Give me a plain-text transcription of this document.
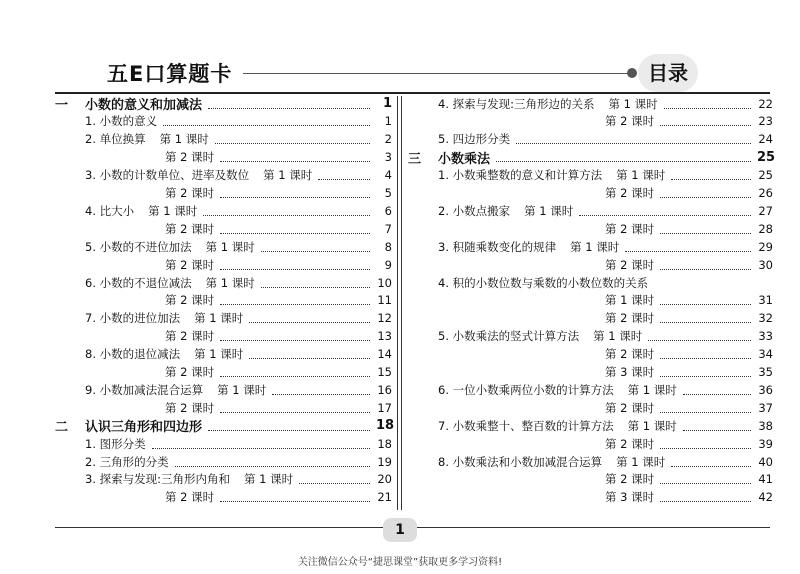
五E口算题卡	目录
一	小数的意义和加减法	1
1. 小数的意义	1
2. 单位换算 第 1 课时	2
第 2 课时	3
3. 小数的计数单位、进率及数位 第 1 课时	4
第 2 课时	5
4. 比大小 第 1 课时	6
第 2 课时	7
5. 小数的不进位加法 第 1 课时	8
第 2 课时	9
6. 小数的不退位减法 第 1 课时	10
第 2 课时	11
7. 小数的进位加法 第 1 课时	12
第 2 课时	13
8. 小数的退位减法 第 1 课时	14
第 2 课时	15
9. 小数加减法混合运算 第 1 课时	16
第 2 课时	17
二	认识三角形和四边形	18
1. 图形分类	18
2. 三角形的分类	19
3. 探索与发现:三角形内角和 第 1 课时	20
第 2 课时	21
4. 探索与发现:三角形边的关系 第 1 课时	22
第 2 课时	23
5. 四边形分类	24
三	小数乘法	25
1. 小数乘整数的意义和计算方法 第 1 课时	25
第 2 课时	26
2. 小数点搬家 第 1 课时	27
第 2 课时	28
3. 积随乘数变化的规律 第 1 课时	29
第 2 课时	30
4. 积的小数位数与乘数的小数位数的关系
第 1 课时	31
第 2 课时	32
5. 小数乘法的竖式计算方法 第 1 课时	33
第 2 课时	34
第 3 课时	35
6. 一位小数乘两位小数的计算方法 第 1 课时	36
第 2 课时	37
7. 小数乘整十、整百数的计算方法 第 1 课时	38
第 2 课时	39
8. 小数乘法和小数加减混合运算 第 1 课时	40
第 2 课时	41
第 3 课时	42
1
关注微信公众号“捷思课堂”获取更多学习资料!
